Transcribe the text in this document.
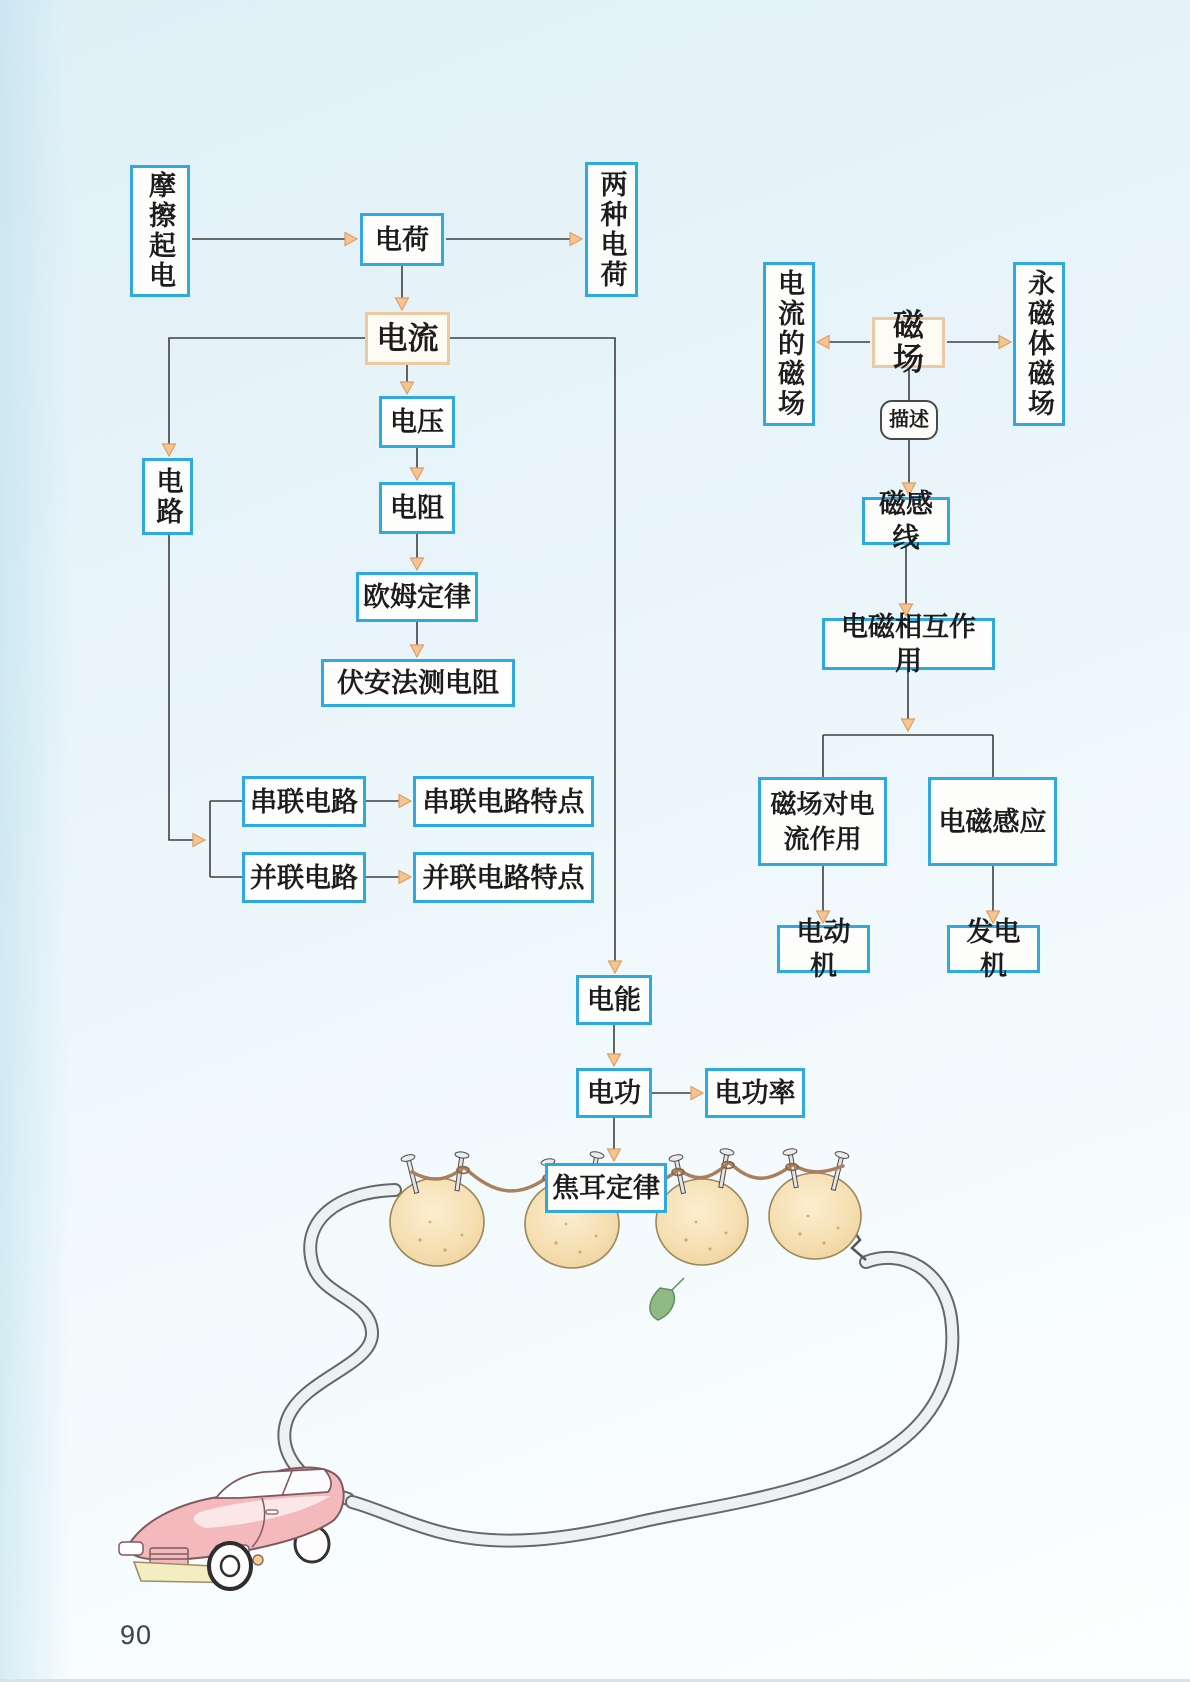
摩擦起电	电荷	两种电荷
电流
电压
电阻
欧姆定律
伏安法测电阻
电路
串联电路	串联电路特点
并联电路	并联电路特点
电能
电功	电功率
焦耳定律
电流的磁场	磁场	永磁体磁场
描述
磁感线
电磁相互作用
磁场对电流作用
电磁感应
电动机
发电机
90
